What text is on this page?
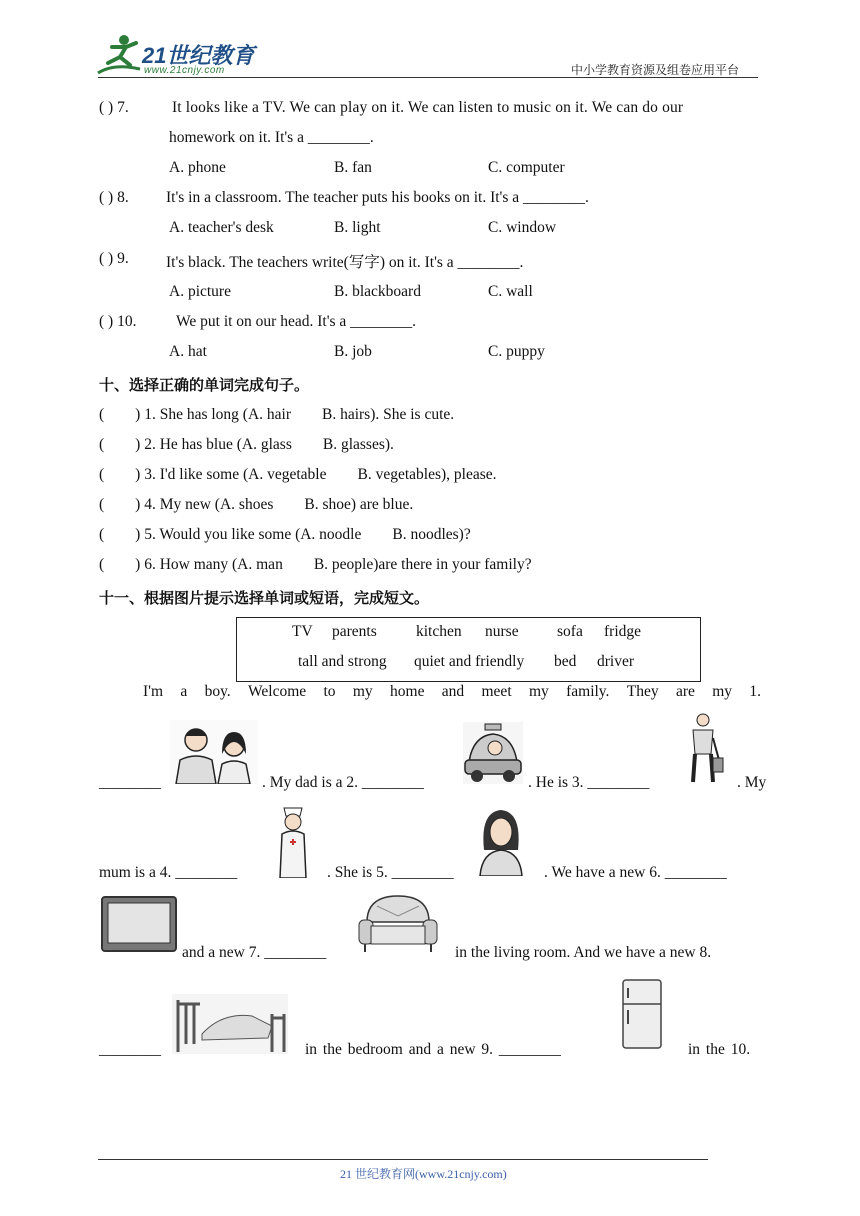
21世纪教育
www.21cnjy.com	中小学教育资源及组卷应用平台
( ) 7.	It looks like a TV. We can play on it. We can listen to music on it. We can do our
homework on it. It's a ________.
A. phone	B. fan	C. computer
( ) 8. It's in a classroom. The teacher puts his books on it. It's a ________.
A. teacher's desk	B. light	C. window
( ) 9. It's black. The teachers write(写字) on it. It's a ________.
A. picture	B. blackboard	C. wall
( ) 10.	We put it on our head. It's a ________.
A. hat	B. job	C. puppy
十、选择正确的单词完成句子。
(        ) 1. She has long (A. hair        B. hairs). She is cute.
(        ) 2. He has blue (A. glass        B. glasses).
(        ) 3. I'd like some (A. vegetable        B. vegetables), please.
(        ) 4. My new (A. shoes        B. shoe) are blue.
(        ) 5. Would you like some (A. noodle        B. noodles)?
(        ) 6. How many (A. man        B. people)are there in your family?
十一、根据图片提示选择单词或短语，完成短文。
TV parents	kitchen nurse sofa fridge
tall and strong quiet and friendly bed driver
I'm a boy. Welcome to my home and meet my family. They are my 1.
________	. My dad is a 2. ________	. He is 3. ________	. My
mum is a 4. ________	. She is 5. ________	. We have a new 6. ________
and a new 7. ________	in the living room. And we have a new 8.
________	in the bedroom and a new 9. ________	in the 10.
21 世纪教育网(www.21cnjy.com)
